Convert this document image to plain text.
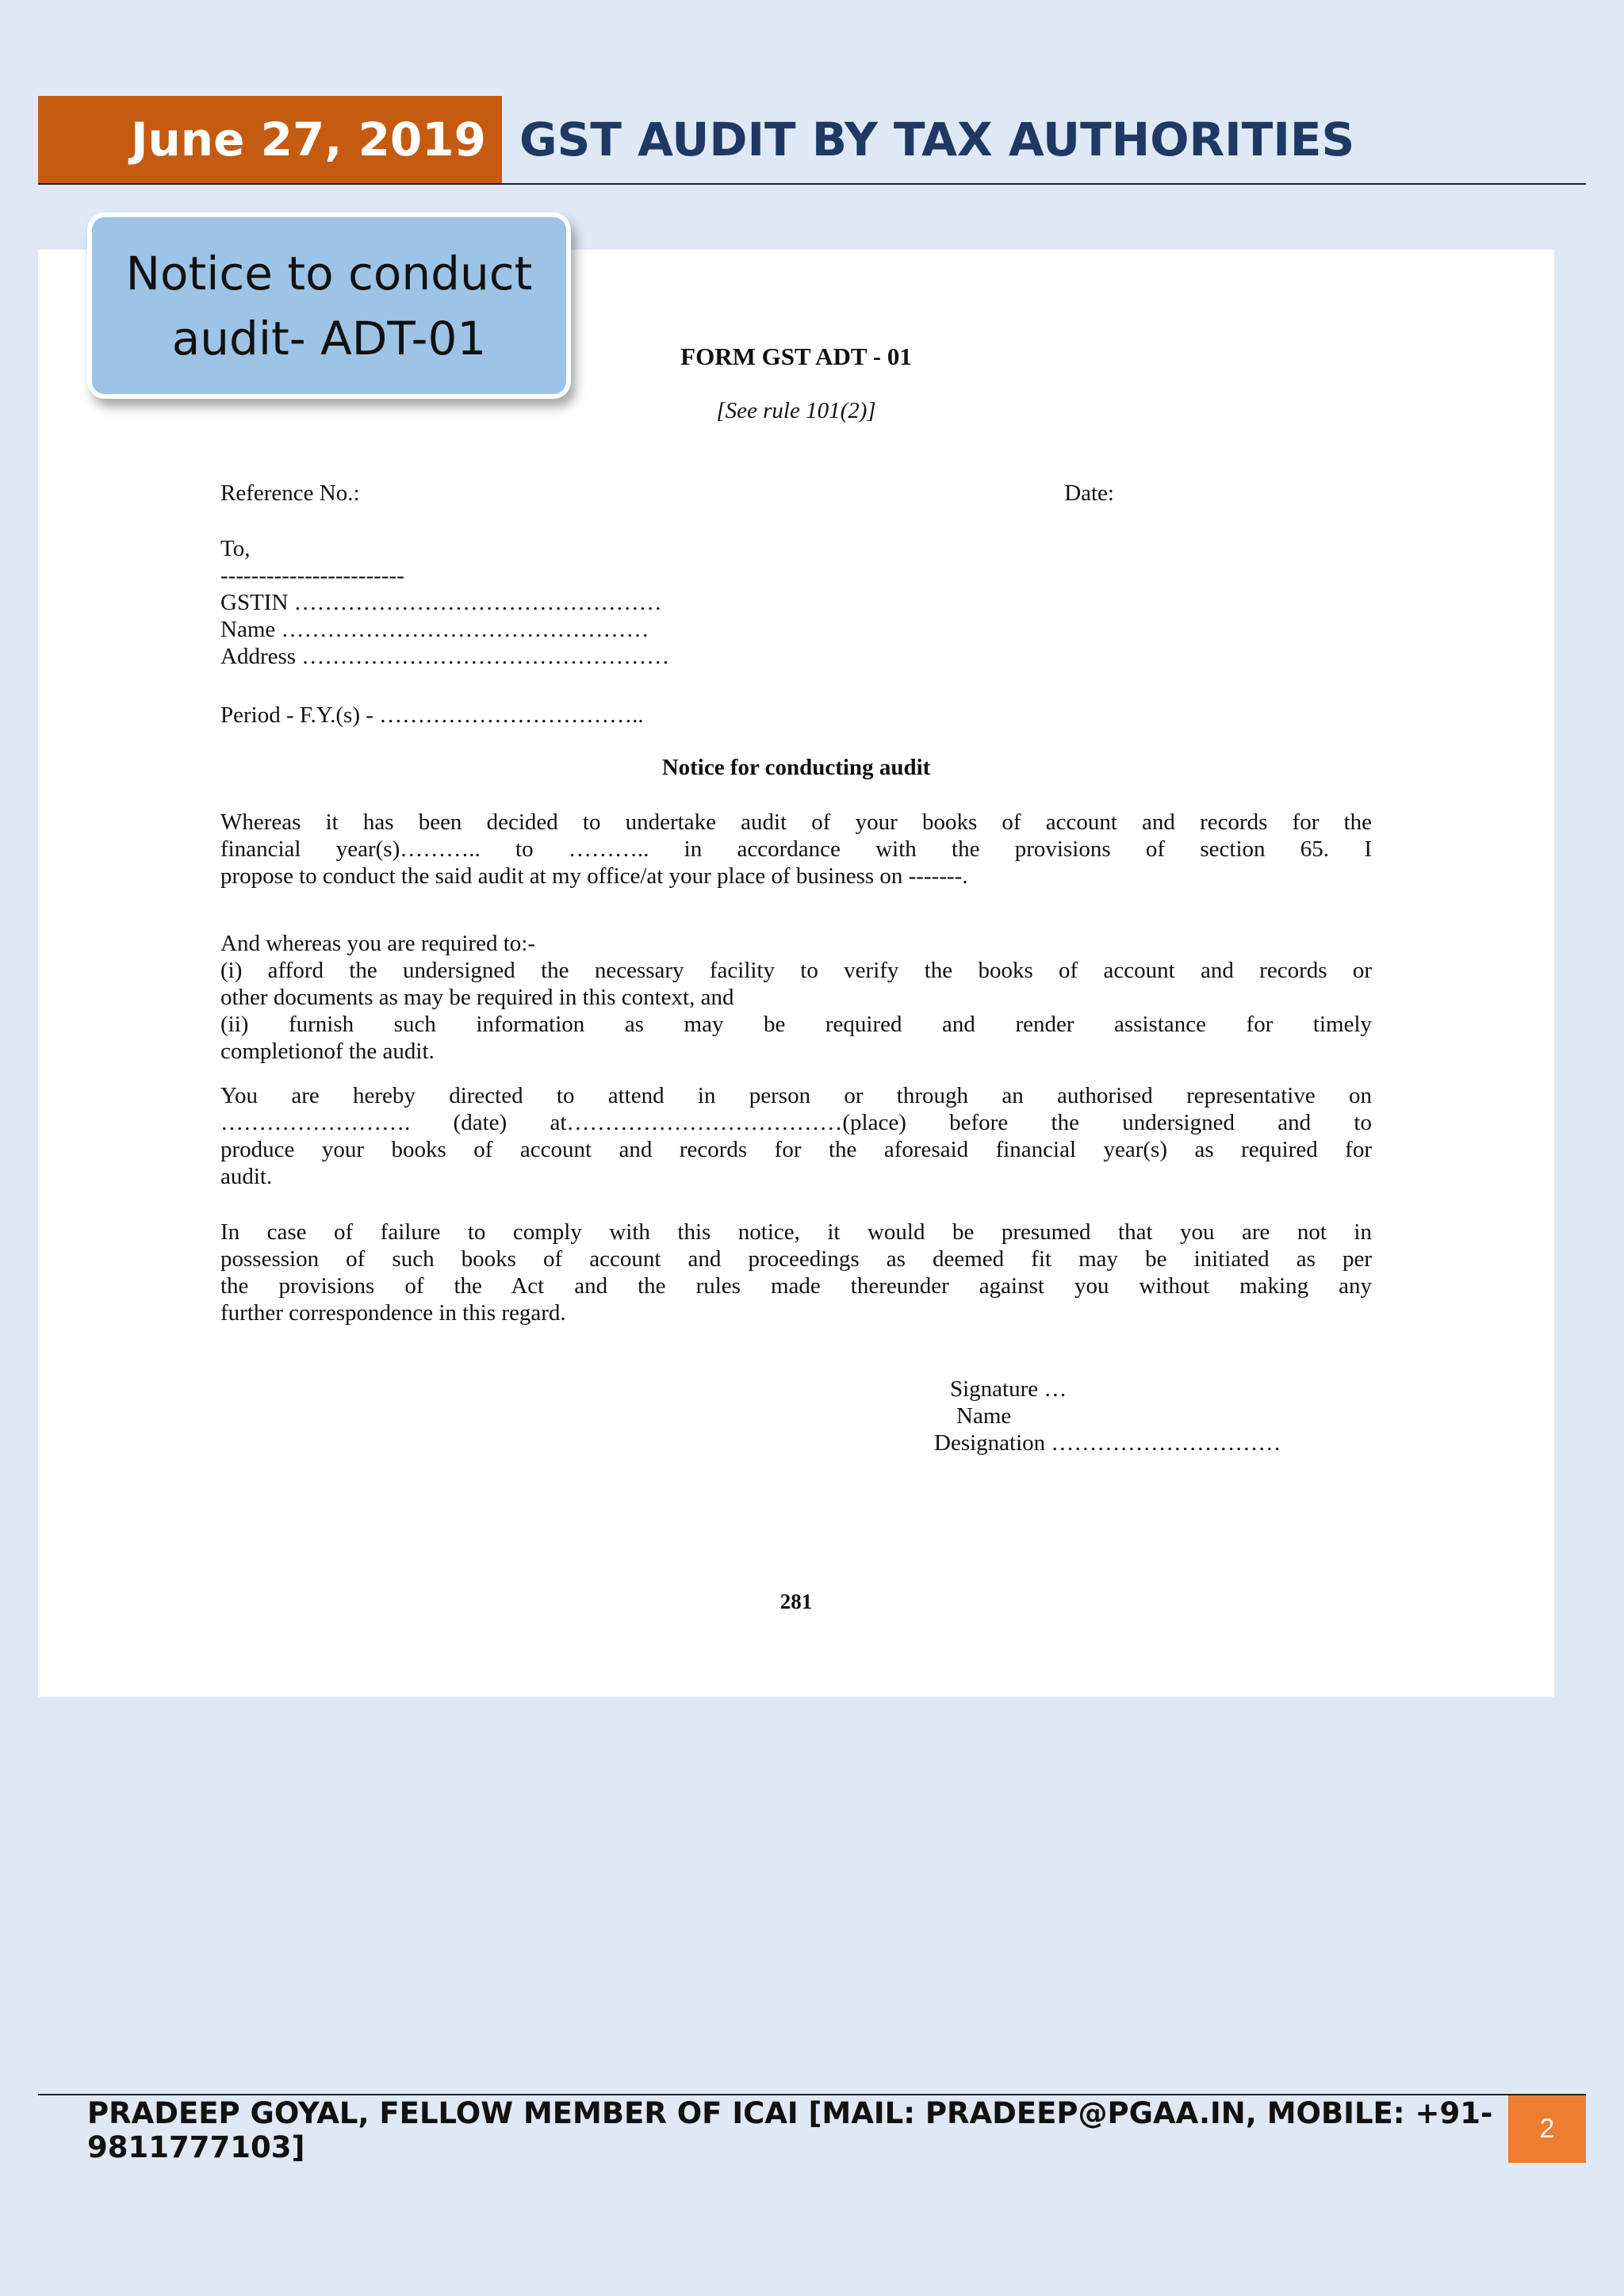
June 27, 2019 GST AUDIT BY TAX AUTHORITIES
FORM GST ADT - 01
[See rule 101(2)]
Reference No.:	Date:
To,
------------------------
GSTIN …………………………………………
Name …………………………………………
Address …………………………………………
Period - F.Y.(s) - ……………………………..
Notice for conducting audit
Whereas it has been decided to undertake audit of your books of account and records for the
financial year(s)……….. to ……….. in accordance with the provisions of section 65. I
propose to conduct the said audit at my office/at your place of business on -------.
And whereas you are required to:-
(i) afford the undersigned the necessary facility to verify the books of account and records or
other documents as may be required in this context, and
(ii) furnish such information as may be required and render assistance for timely
completionof the audit.
You are hereby directed to attend in person or through an authorised representative on
……………………. (date) at………………………………(place) before the undersigned and to
produce your books of account and records for the aforesaid financial year(s) as required for
audit.
In case of failure to comply with this notice, it would be presumed that you are not in
possession of such books of account and proceedings as deemed fit may be initiated as per
the provisions of the Act and the rules made thereunder against you without making any
further correspondence in this regard.
Signature …
Name
Designation …………………………
281
Notice to conduct
audit- ADT-01
PRADEEP GOYAL, FELLOW MEMBER OF ICAI [MAIL: PRADEEP@PGAA.IN, MOBILE: +91-9811777103]
2
